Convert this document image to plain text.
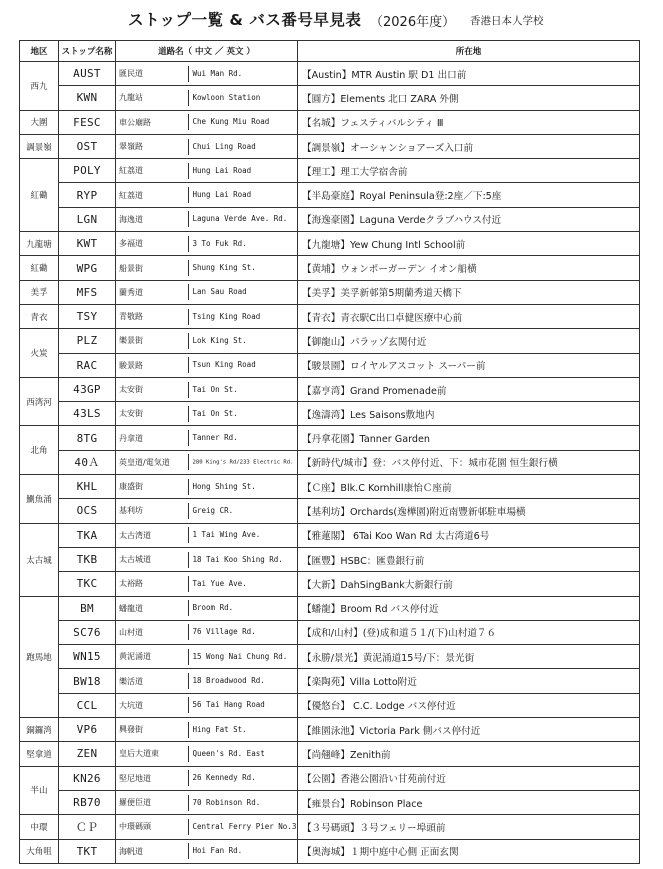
ストップ一覧 & バス番号早見表 （2026年度） 香港日本人学校
地区	ストップ名称	道路名（ 中文 ／ 英文 ）		所在地
西九	AUST	匯民道	Wui Man Rd.	【Austin】MTR Austin 駅 D1 出口前
	KWN	九龍站	Kowloon Station	【圓方】Elements 北口 ZARA 外側
大圍	FESC	車公廟路	Che Kung Miu Road	【名城】フェスティバルシティ Ⅲ
調景嶺	OST	翠嶺路	Chui Ling Road	【調景嶺】オーシャンショアーズ入口前
紅磡	POLY	紅荔道	Hung Lai Road	【理工】理工大学宿舎前
	RYP	紅荔道	Hung Lai Road	【半島豪庭】Royal Peninsula登:2座／下:5座
	LGN	海逸道	Laguna Verde Ave. Rd.	【海逸豪園】Laguna Verdeクラブハウス付近
九龍塘	KWT	多福道	3 To Fuk Rd.	【九龍塘】Yew Chung Intl School前
紅磡	WPG	船景街	Shung King St.	【黄埔】ウォンポーガーデン イオン船横
美孚	MFS	蘭秀道	Lan Sau Road	【美孚】美孚新邨第5期蘭秀道天橋下
青衣	TSY	青敬路	Tsing King Road	【青衣】青衣駅C出口卓健医療中心前
火炭	PLZ	樂景街	Lok King St.	【御龍山】パラッゾ玄関付近
	RAC	駿景路	Tsun King Road	【駿景園】ロイヤルアスコット スーパー前
西湾河	43GP	太安街	Tai On St.	【嘉亨湾】Grand Promenade前
	43LS	太安街	Tai On St.	【逸濤湾】Les Saisons敷地内
北角	8TG	丹拿道	Tanner Rd.	【丹拿花園】Tanner Garden
	40Ａ	英皇道/電気道	280 King's Rd/233 Electric Rd.	【新時代/城市】登：バス停付近、下：城市花園 恒生銀行横
鰂魚涌	KHL	康盛街	Hong Shing St.	【Ｃ座】Blk.C Kornhill康怡Ｃ座前
	OCS	基利坊	Greig CR.	【基利坊】Orchards(逸樺園)附近南豐新邨駐車場横
太古城	TKA	太古湾道	1 Tai Wing Ave.	【雅蓮閣】 6Tai Koo Wan Rd 太古湾道6号
	TKB	太古城道	18 Tai Koo Shing Rd.	【匯豐】HSBC：匯豊銀行前
	TKC	太裕路	Tai Yue Ave.	【大新】DahSingBank大新銀行前
跑馬地	BM	蟠龍道	Broom Rd.	【蟠龍】Broom Rd バス停付近
	SC76	山村道	76 Village Rd.	【成和/山村】(登)成和道５１/(下)山村道７６
	WN15	黄泥涌道	15 Wong Nai Chung Rd.	【永勝/景光】黄泥涌道15号/下：景光街
	BW18	樂活道	18 Broadwood Rd.	【楽陶苑】Villa Lotto附近
	CCL	大坑道	56 Tai Hang Road	【優悠台】 C.C. Lodge バス停付近
銅鑼湾	VP6	興發街	Hing Fat St.	【維園泳池】Victoria Park 側バス停付近
堅拿道	ZEN	皇后大道東	Queen's Rd. East	【尚翹峰】Zenith前
半山	KN26	堅尼地道	26 Kennedy Rd.	【公園】香港公園沿い甘苑前付近
	RB70	羅便臣道	70 Robinson Rd.	【雍景台】Robinson Place
中環	ＣＰ	中環碼頭	Central Ferry Pier No.3	【３号碼頭】３号フェリー埠頭前
大角咀	TKT	海帆道	Hoi Fan Rd.	【奥海城】１期中庭中心側 正面玄関
